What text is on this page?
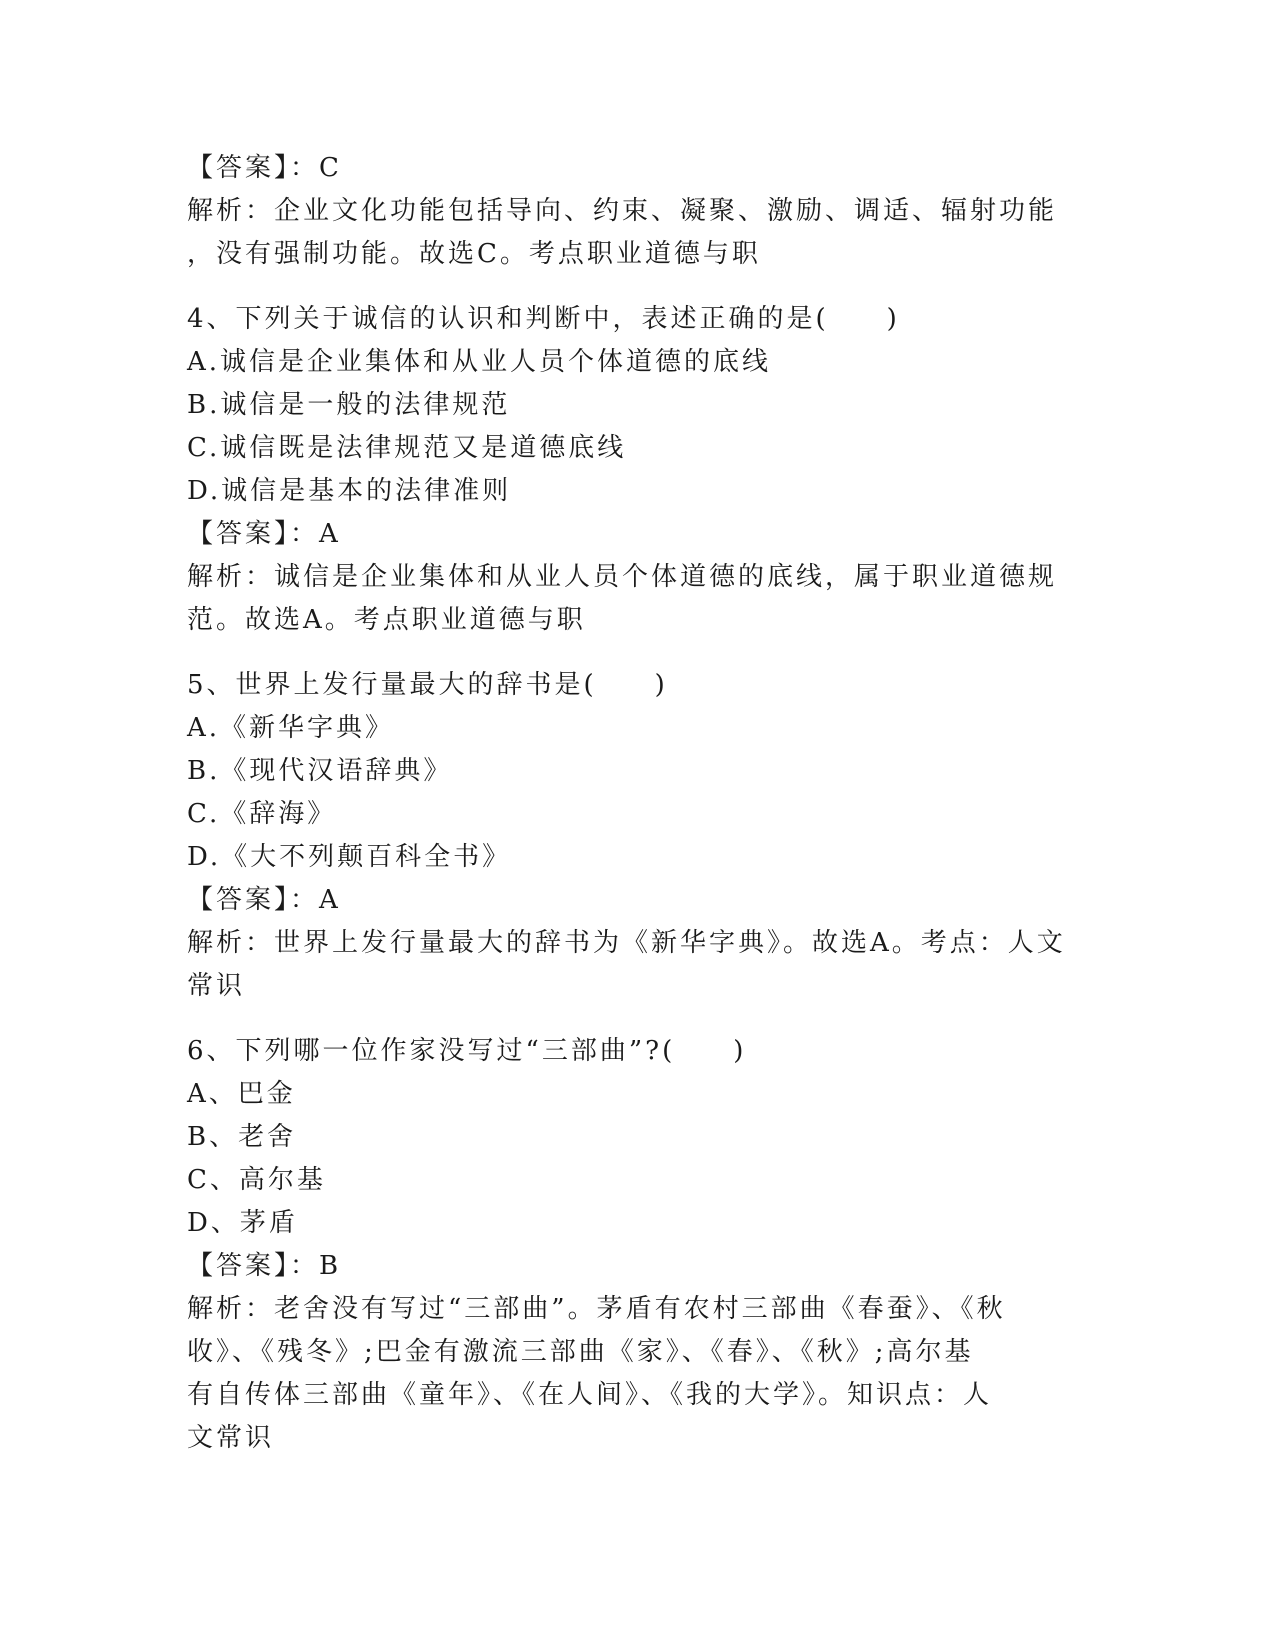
【答案】：C
解析：企业文化功能包括导向、约束、凝聚、激励、调适、辐射功能
，没有强制功能。故选C。考点职业道德与职
4、下列关于诚信的认识和判断中，表述正确的是(　　)
A.诚信是企业集体和从业人员个体道德的底线
B.诚信是一般的法律规范
C.诚信既是法律规范又是道德底线
D.诚信是基本的法律准则
【答案】：A
解析：诚信是企业集体和从业人员个体道德的底线，属于职业道德规
范。故选A。考点职业道德与职
5、世界上发行量最大的辞书是(　　)
A.《新华字典》
B.《现代汉语辞典》
C.《辞海》
D.《大不列颠百科全书》
【答案】：A
解析：世界上发行量最大的辞书为《新华字典》。故选A。考点：人文
常识
6、下列哪一位作家没写过“三部曲”?(　　)
A、巴金
B、老舍
C、高尔基
D、茅盾
【答案】：B
解析：老舍没有写过“三部曲”。茅盾有农村三部曲《春蚕》、《秋
收》、《残冬》;巴金有激流三部曲《家》、《春》、《秋》;高尔基
有自传体三部曲《童年》、《在人间》、《我的大学》。知识点：人
文常识
